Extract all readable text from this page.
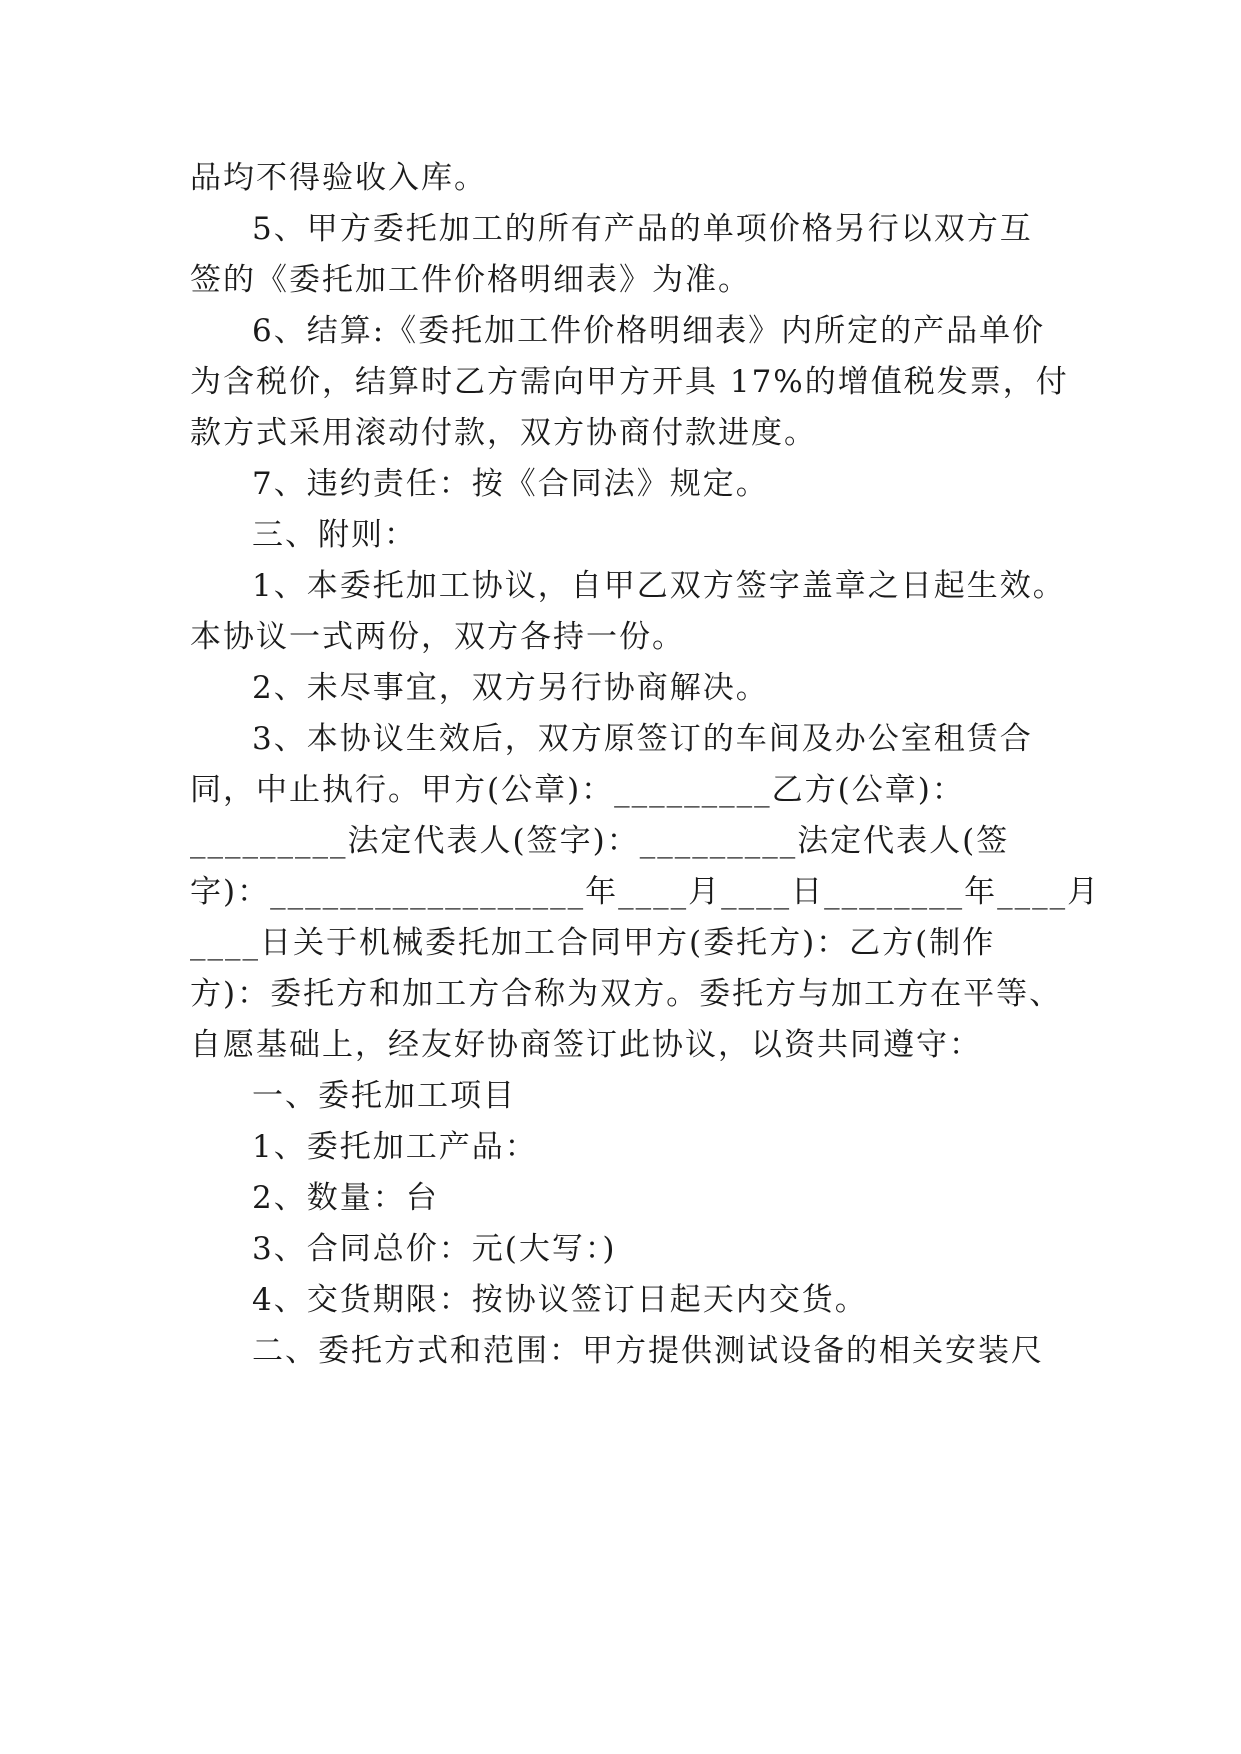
品均不得验收入库。
5、甲方委托加工的所有产品的单项价格另行以双方互
签的《委托加工件价格明细表》为准。
6、结算:《委托加工件价格明细表》内所定的产品单价
为含税价，结算时乙方需向甲方开具 17%的增值税发票，付
款方式采用滚动付款，双方协商付款进度。
7、违约责任：按《合同法》规定。
三、附则：
1、本委托加工协议，自甲乙双方签字盖章之日起生效。
本协议一式两份，双方各持一份。
2、未尽事宜，双方另行协商解决。
3、本协议生效后，双方原签订的车间及办公室租赁合
同，中止执行。甲方(公章)：_________乙方(公章)：
_________法定代表人(签字)：_________法定代表人(签
字)：__________________年____月____日________年____月
____日关于机械委托加工合同甲方(委托方)：乙方(制作
方)：委托方和加工方合称为双方。委托方与加工方在平等、
自愿基础上，经友好协商签订此协议，以资共同遵守：
一、委托加工项目
1、委托加工产品：
2、数量：台
3、合同总价：元(大写：)
4、交货期限：按协议签订日起天内交货。
二、委托方式和范围：甲方提供测试设备的相关安装尺
